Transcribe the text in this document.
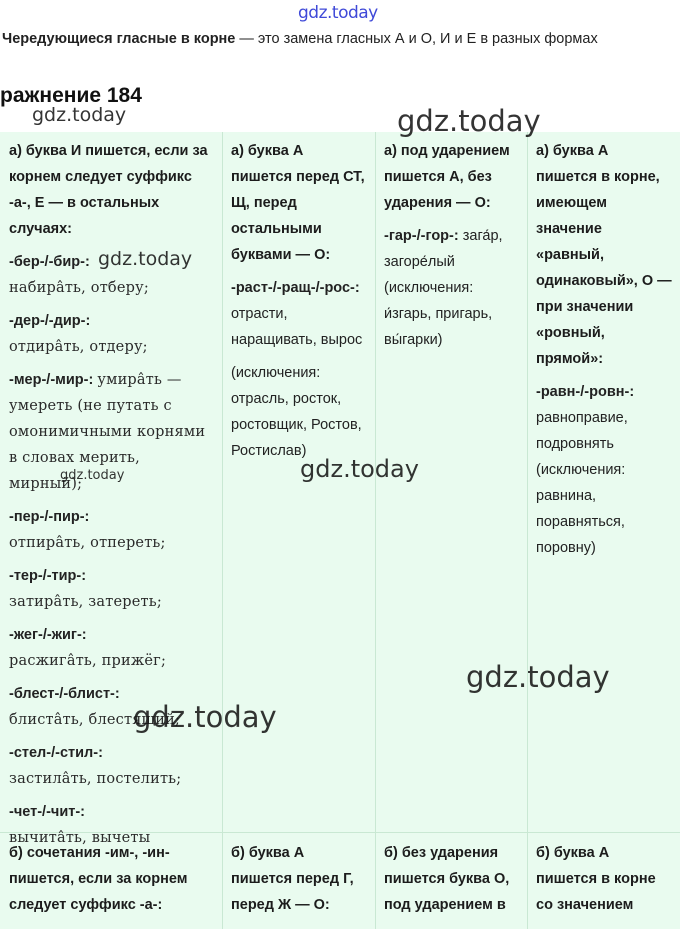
gdz.today
Чередующиеся гласные в корне — это замена гласных А и О, И и Е в разных формах
ражнение 184
а) буква И пишется, если за корнем следует суффикс -а-, Е — в остальных случаях:
-бер-/-бир-:
набира̂ть, отберу;
-дер-/-дир-:
отдира̂ть, отдеру;
-мер-/-мир-: умира̂ть — умереть (не путать с омонимичными корнями в словах мерить, мирный);
-пер-/-пир-:
отпира̂ть, отпереть;
-тер-/-тир-:
затира̂ть, затереть;
-жег-/-жиг-:
расжига̂ть, прижёг;
-блест-/-блист-:
блиста̂ть, блестящий;
-стел-/-стил-:
застила̂ть, постелить;
-чет-/-чит-:
вычита̂ть, вычеты
а) буква А пишется перед СТ, Щ, перед остальными буквами — О:
-раст-/-ращ-/-рос-: отрасти, наращивать, вырос
(исключения: отрасль, росток, ростовщик, Ростов, Ростислав)
а) под ударением пишется А, без ударения — О:
-гар-/-гор-: зага́р, загоре́лый (исключения: и́згарь, пригарь, вы́гарки)
а) буква А пишется в корне, имеющем значение «равный, одинаковый», О — при значении «ровный, прямой»:
-равн-/-ровн-: равноправие, подровнять (исключения: равнина, поравняться, поровну)
б) сочетания -им-, -ин- пишется, если за корнем следует суффикс -а-:
б) буква А пишется перед Г, перед Ж — О:
б) без ударения пишется буква О, под ударением в
б) буква А пишется в корне со значением
gdz.today	gdz.today
gdz.today
gdz.today	gdz.today
gdz.today
gdz.today
